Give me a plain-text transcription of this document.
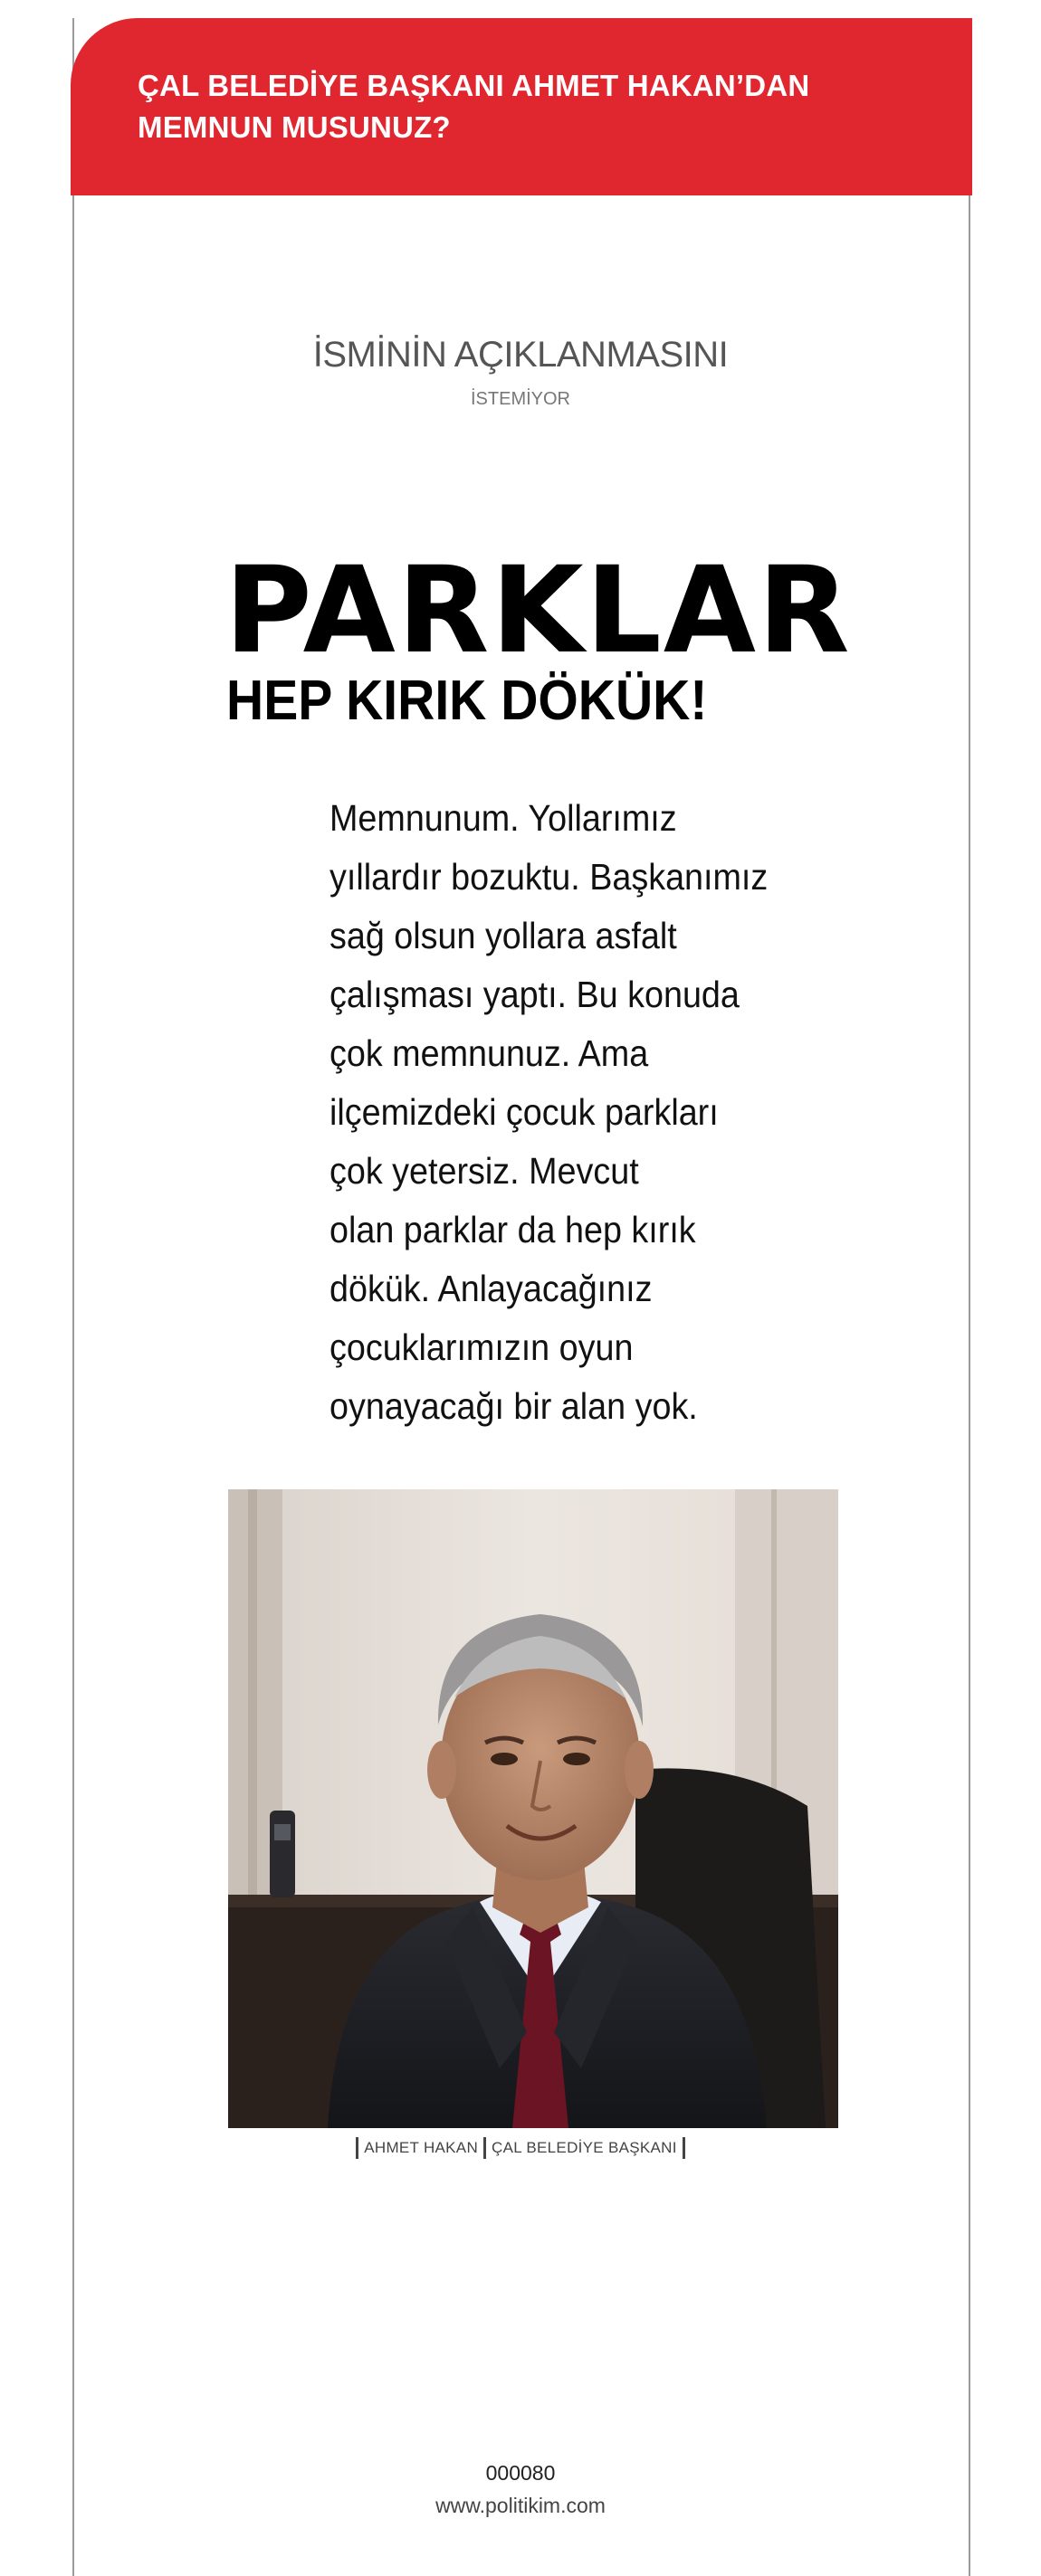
ÇAL BELEDİYE BAŞKANI AHMET HAKAN’DAN
MEMNUN MUSUNUZ?
İSMİNİN AÇIKLANMASINI
İSTEMİYOR
PARKLAR
HEP KIRIK DÖKÜK!
Memnunum. Yollarımız
yıllardır bozuktu. Başkanımız
sağ olsun yollara asfalt
çalışması yaptı. Bu konuda
çok memnunuz. Ama
ilçemizdeki çocuk parkları
çok yetersiz. Mevcut
olan parklar da hep kırık
dökük. Anlayacağınız
çocuklarımızın oyun
oynayacağı bir alan yok.
AHMET HAKAN ÇAL BELEDİYE BAŞKANI
000080
www.politikim.com
